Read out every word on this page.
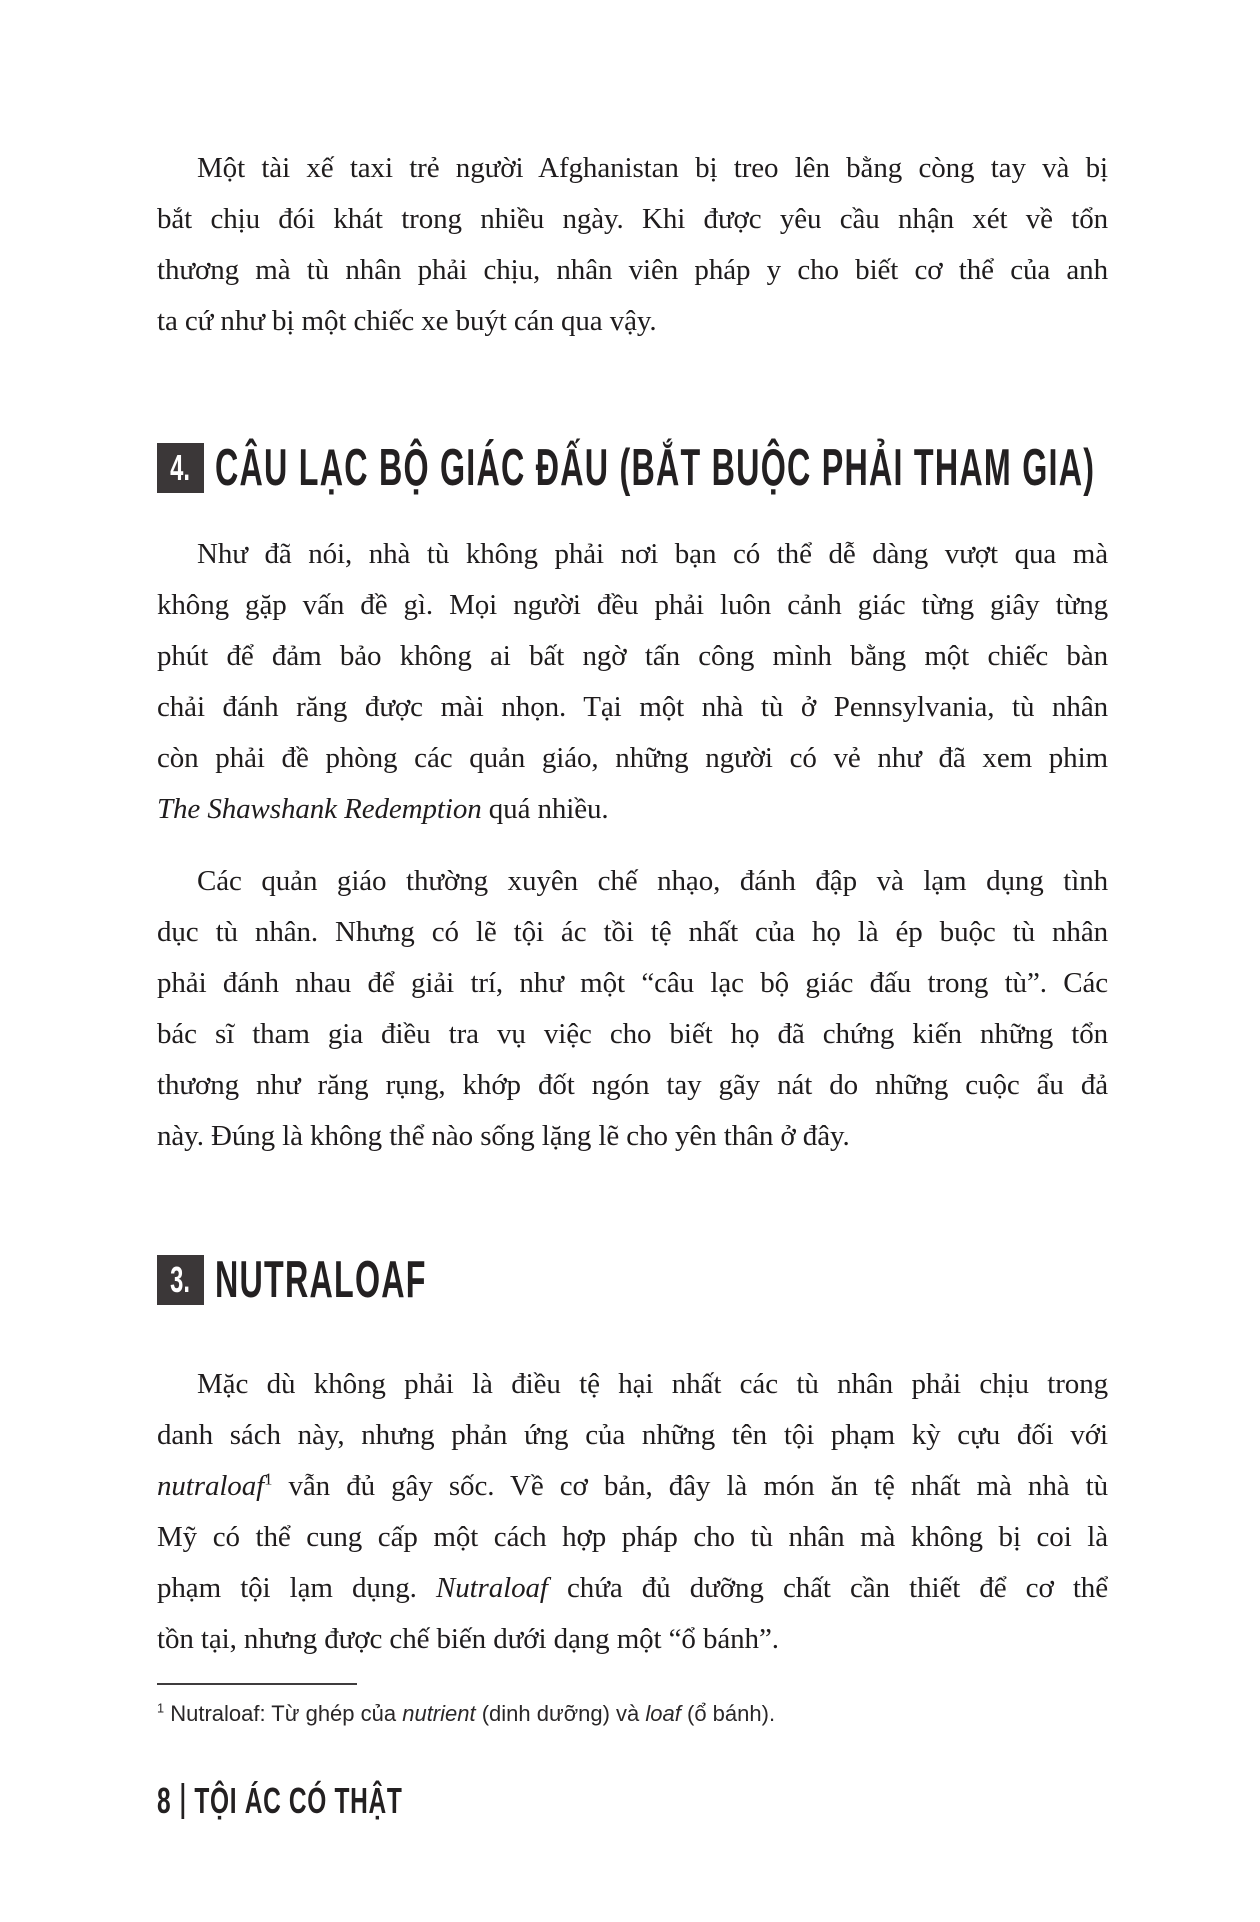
Một tài xế taxi trẻ người Afghanistan bị treo lên bằng còng tay và bị
bắt chịu đói khát trong nhiều ngày. Khi được yêu cầu nhận xét về tổn
thương mà tù nhân phải chịu, nhân viên pháp y cho biết cơ thể của anh
ta cứ như bị một chiếc xe buýt cán qua vậy.
4. CÂU LẠC BỘ GIÁC ĐẤU (BẮT BUỘC PHẢI THAM GIA)
Như đã nói, nhà tù không phải nơi bạn có thể dễ dàng vượt qua mà
không gặp vấn đề gì. Mọi người đều phải luôn cảnh giác từng giây từng
phút để đảm bảo không ai bất ngờ tấn công mình bằng một chiếc bàn
chải đánh răng được mài nhọn. Tại một nhà tù ở Pennsylvania, tù nhân
còn phải đề phòng các quản giáo, những người có vẻ như đã xem phim
The Shawshank Redemption quá nhiều.
Các quản giáo thường xuyên chế nhạo, đánh đập và lạm dụng tình
dục tù nhân. Nhưng có lẽ tội ác tồi tệ nhất của họ là ép buộc tù nhân
phải đánh nhau để giải trí, như một “câu lạc bộ giác đấu trong tù”. Các
bác sĩ tham gia điều tra vụ việc cho biết họ đã chứng kiến những tổn
thương như răng rụng, khớp đốt ngón tay gãy nát do những cuộc ẩu đả
này. Đúng là không thể nào sống lặng lẽ cho yên thân ở đây.
3. NUTRALOAF
Mặc dù không phải là điều tệ hại nhất các tù nhân phải chịu trong
danh sách này, nhưng phản ứng của những tên tội phạm kỳ cựu đối với
nutraloaf$^1$ vẫn đủ gây sốc. Về cơ bản, đây là món ăn tệ nhất mà nhà tù
Mỹ có thể cung cấp một cách hợp pháp cho tù nhân mà không bị coi là
phạm tội lạm dụng. Nutraloaf chứa đủ dưỡng chất cần thiết để cơ thể
tồn tại, nhưng được chế biến dưới dạng một “ổ bánh”.
$^1$ Nutraloaf: Từ ghép của nutrient (dinh dưỡng) và loaf (ổ bánh).
8 TỘI ÁC CÓ THẬT
